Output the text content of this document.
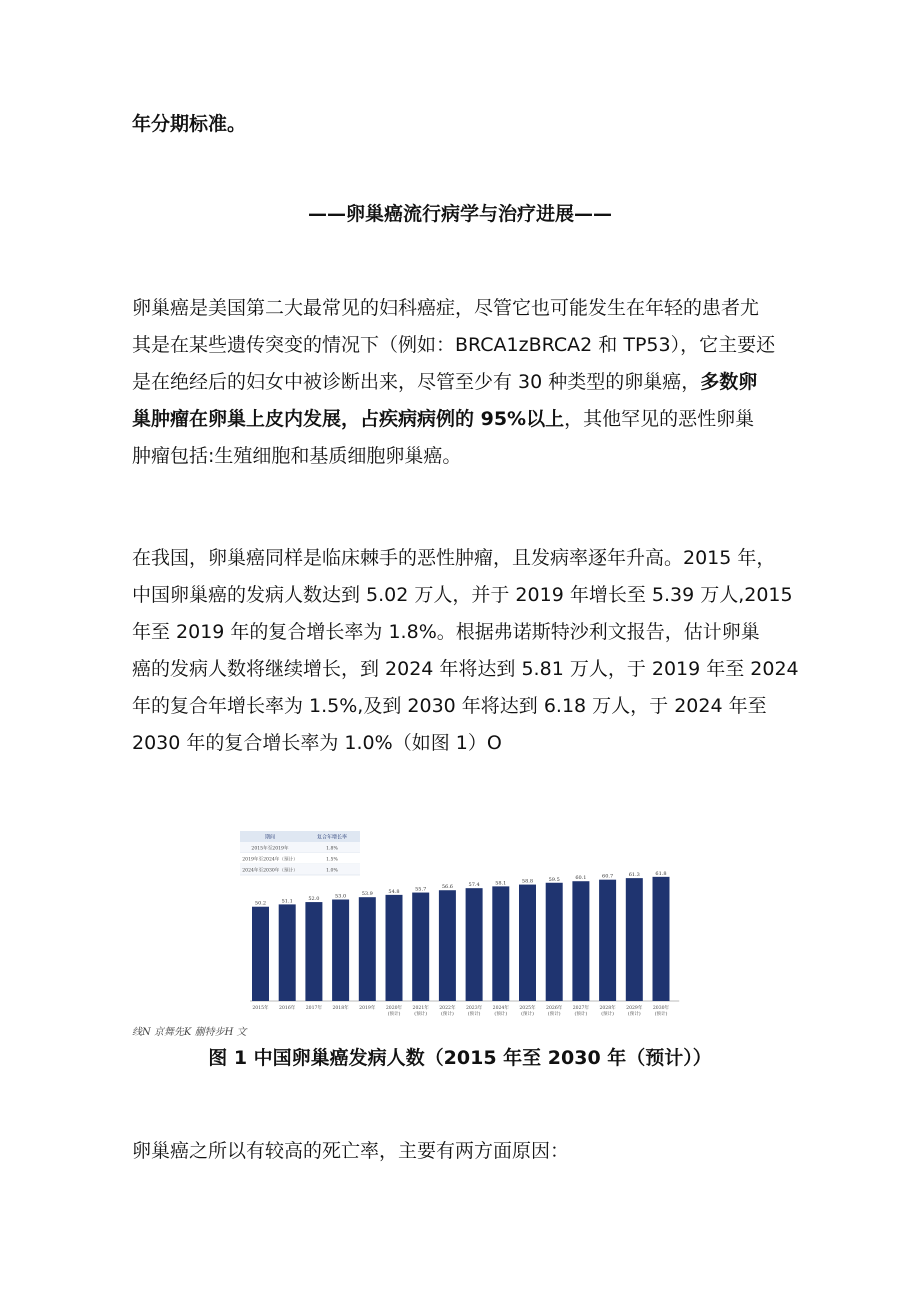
年分期标准。
——卵巢癌流行病学与治疗进展——
卵巢癌是美国第二大最常见的妇科癌症，尽管它也可能发生在年轻的患者尤
其是在某些遗传突变的情况下（例如：BRCA1zBRCA2 和 TP53），它主要还
是在绝经后的妇女中被诊断出来，尽管至少有 30 种类型的卵巢癌，多数卵
巢肿瘤在卵巢上皮内发展，占疾病病例的 95%以上，其他罕见的恶性卵巢
肿瘤包括:生殖细胞和基质细胞卵巢癌。
在我国，卵巢癌同样是临床棘手的恶性肿瘤，且发病率逐年升高。2015 年，
中国卵巢癌的发病人数达到 5.02 万人，并于 2019 年增长至 5.39 万人,2015
年至 2019 年的复合增长率为 1.8%。根据弗诺斯特沙利文报告，估计卵巢
癌的发病人数将继续增长，到 2024 年将达到 5.81 万人，于 2019 年至 2024
年的复合年增长率为 1.5%,及到 2030 年将达到 6.18 万人，于 2024 年至
2030 年的复合增长率为 1.0%（如图 1）O
50.2
2015年
51.1
2016年
52.0
2017年
53.0
2018年
53.9
2019年
54.8
2020年
(预计)
55.7
2021年
(预计)
56.6
2022年
(预计)
57.4
2023年
(预计)
58.1
2024年
(预计)
58.8
2025年
(预计)
59.5
2026年
(预计)
60.1
2027年
(预计)
60.7
2028年
(预计)
61.3
2029年
(预计)
61.8
2030年
(预计)
期间	复合年增长率
2015年至2019年	1.8%
2019年至2024年（预计）	1.5%
2024年至2030年（预计）	1.0%
线N 京舞先K 蒯特步H 文
图 1 中国卵巢癌发病人数（2015 年至 2030 年（预计））
卵巢癌之所以有较高的死亡率，主要有两方面原因：
